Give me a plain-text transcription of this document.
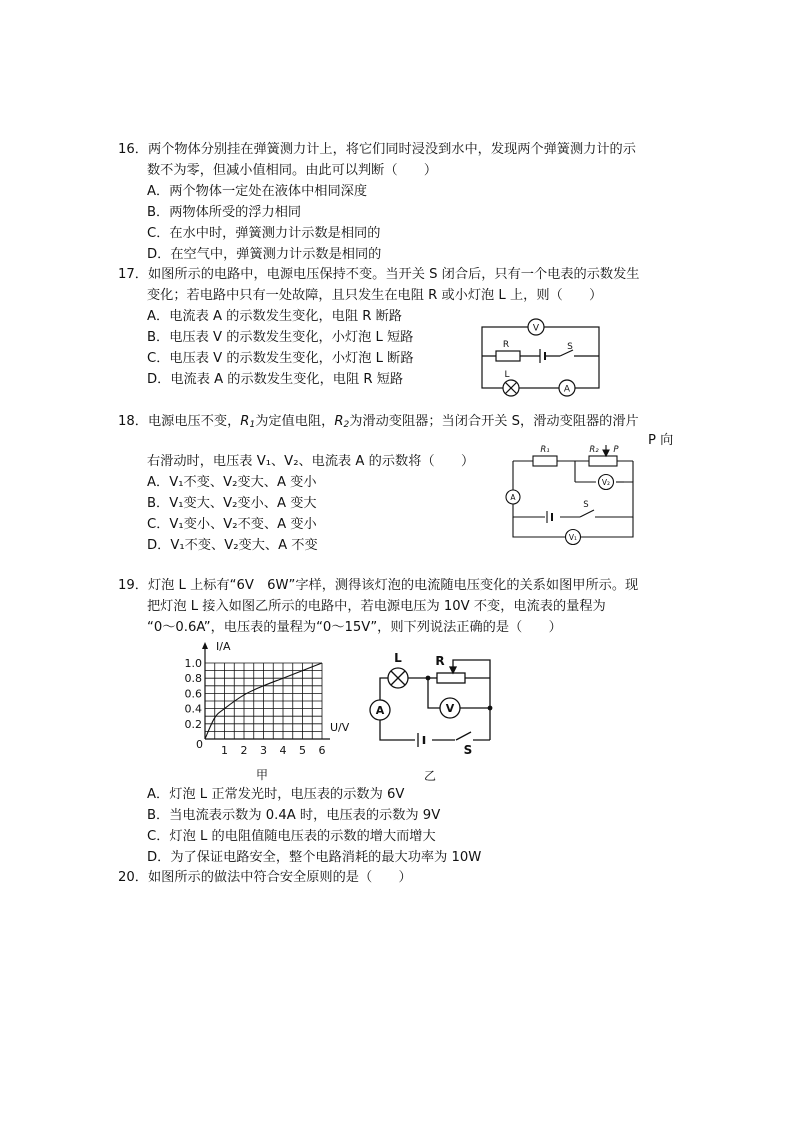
16．两个物体分别挂在弹簧测力计上，将它们同时浸没到水中，发现两个弹簧测力计的示
数不为零，但减小值相同。由此可以判断（　　）
A．两个物体一定处在液体中相同深度
B．两物体所受的浮力相同
C．在水中时，弹簧测力计示数是相同的
D．在空气中，弹簧测力计示数是相同的
17．如图所示的电路中，电源电压保持不变。当开关 S 闭合后，只有一个电表的示数发生
变化；若电路中只有一处故障，且只发生在电阻 R 或小灯泡 L 上，则（　　）
A．电流表 A 的示数发生变化，电阻 R 断路
B．电压表 V 的示数发生变化，小灯泡 L 短路
C．电压表 V 的示数发生变化，小灯泡 L 断路
D．电流表 A 的示数发生变化，电阻 R 短路
V
R	S
L
A
18．电源电压不变，$R_1$为定值电阻，$R_2$为滑动变阻器；当闭合开关 S，滑动变阻器的滑片
P 向
右滑动时，电压表 V₁、V₂、电流表 A 的示数将（　　）
A．V₁不变、V₂变大、A 变小
B．V₁变大、V₂变小、A 变大
C．V₁变小、V₂不变、A 变小
D．V₁不变、V₂变大、A 不变
R₁	R₂ P
V₂
A
S
V₁
19．灯泡 L 上标有“6V　6W”字样，测得该灯泡的电流随电压变化的关系如图甲所示。现
把灯泡 L 接入如图乙所示的电路中，若电源电压为 10V 不变，电流表的量程为
“0～0.6A”，电压表的量程为“0～15V”，则下列说法正确的是（　　）
1 2 3 4 5 6
0.2
0.4
0.6
0.8
1.0
I/A
U/V
0
甲
L	R
A	V
S
乙
A．灯泡 L 正常发光时，电压表的示数为 6V
B．当电流表示数为 0.4A 时，电压表的示数为 9V
C．灯泡 L 的电阻值随电压表的示数的增大而增大
D．为了保证电路安全，整个电路消耗的最大功率为 10W
20．如图所示的做法中符合安全原则的是（　　）
